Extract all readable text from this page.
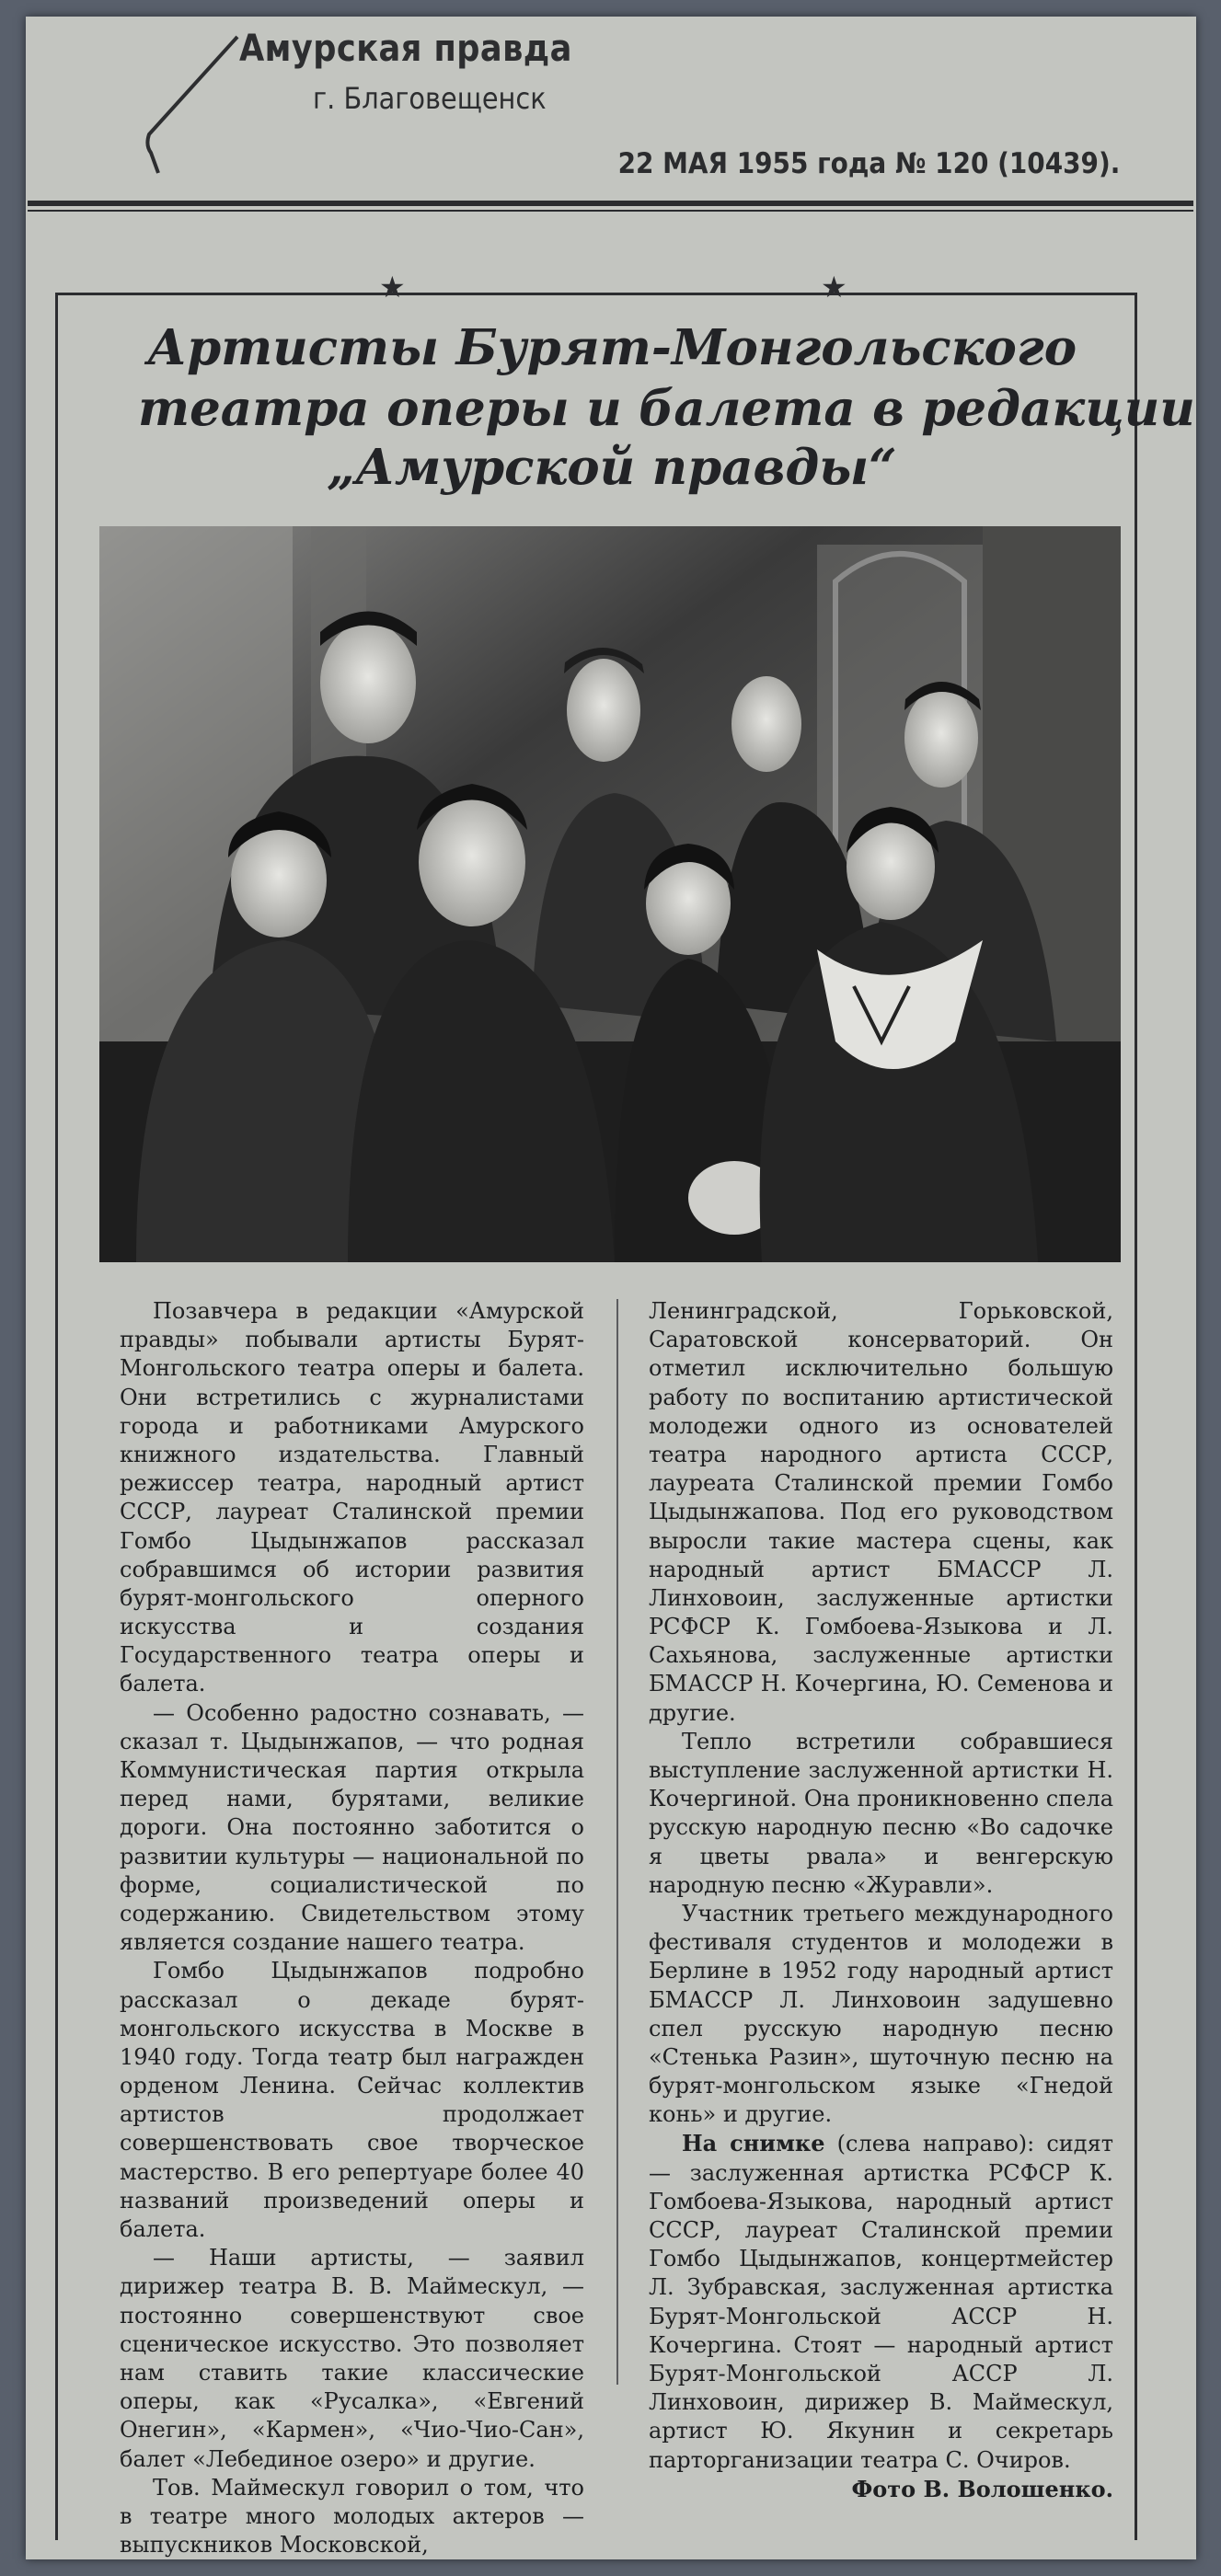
Амурская правда
г. Благовещенск
22 МАЯ 1955 года № 120 (10439).
★	★
Артисты Бурят-Монгольского
театра оперы и балета в редакции
„Амурской правды“

Позавчера в редакции «Амурской правды» побывали артисты Бурят-Монгольского театра оперы и балета. Они встретились с журналистами города и работниками Амурского книжного издательства. Главный режиссер театра, народный артист СССР, лауреат Сталинской премии Гомбо Цыдынжапов рассказал собравшимся об истории развития бурят-монгольского оперного искусства и создания Государственного театра оперы и балета.

— Особенно радостно сознавать, — сказал т. Цыдынжапов, — что родная Коммунистическая партия открыла перед нами, бурятами, великие дороги. Она постоянно заботится о развитии культуры — национальной по форме, социалистической по содержанию. Свидетельством этому является создание нашего театра.

Гомбо Цыдынжапов подробно рассказал о декаде бурят-монгольского искусства в Москве в 1940 году. Тогда театр был награжден орденом Ленина. Сейчас коллектив артистов продолжает совершенствовать свое творческое мастерство. В его репертуаре более 40 названий произведений оперы и балета.

— Наши артисты, — заявил дирижер театра В. В. Маймескул, — постоянно совершенствуют свое сценическое искусство. Это позволяет нам ставить такие классические оперы, как «Русалка», «Евгений Онегин», «Кармен», «Чио-Чио-Сан», балет «Лебединое озеро» и другие.

Тов. Маймескул говорил о том, что в театре много молодых актеров — выпускников Московской,

Ленинградской, Горьковской, Саратовской консерваторий. Он отметил исключительно большую работу по воспитанию артистической молодежи одного из основателей театра народного артиста СССР, лауреата Сталинской премии Гомбо Цыдынжапова. Под его руководством выросли такие мастера сцены, как народный артист БМАССР Л. Линховоин, заслуженные артистки РСФСР К. Гомбоева-Языкова и Л. Сахьянова, заслуженные артистки БМАССР Н. Кочергина, Ю. Семенова и другие.

Тепло встретили собравшиеся выступление заслуженной артистки Н. Кочергиной. Она проникновенно спела русскую народную песню «Во садочке я цветы рвала» и венгерскую народную песню «Журавли».

Участник третьего международного фестиваля студентов и молодежи в Берлине в 1952 году народный артист БМАССР Л. Линховоин задушевно спел русскую народную песню «Стенька Разин», шуточную песню на бурят-монгольском языке «Гнедой конь» и другие.

На снимке (слева направо): сидят — заслуженная артистка РСФСР К. Гомбоева-Языкова, народный артист СССР, лауреат Сталинской премии Гомбо Цыдынжапов, концертмейстер Л. Зубравская, заслуженная артистка Бурят-Монгольской АССР Н. Кочергина. Стоят — народный артист Бурят-Монгольской АССР Л. Линховоин, дирижер В. Маймескул, артист Ю. Якунин и секретарь парторганизации театра С. Очиров.

Фото В. Волошенко.
